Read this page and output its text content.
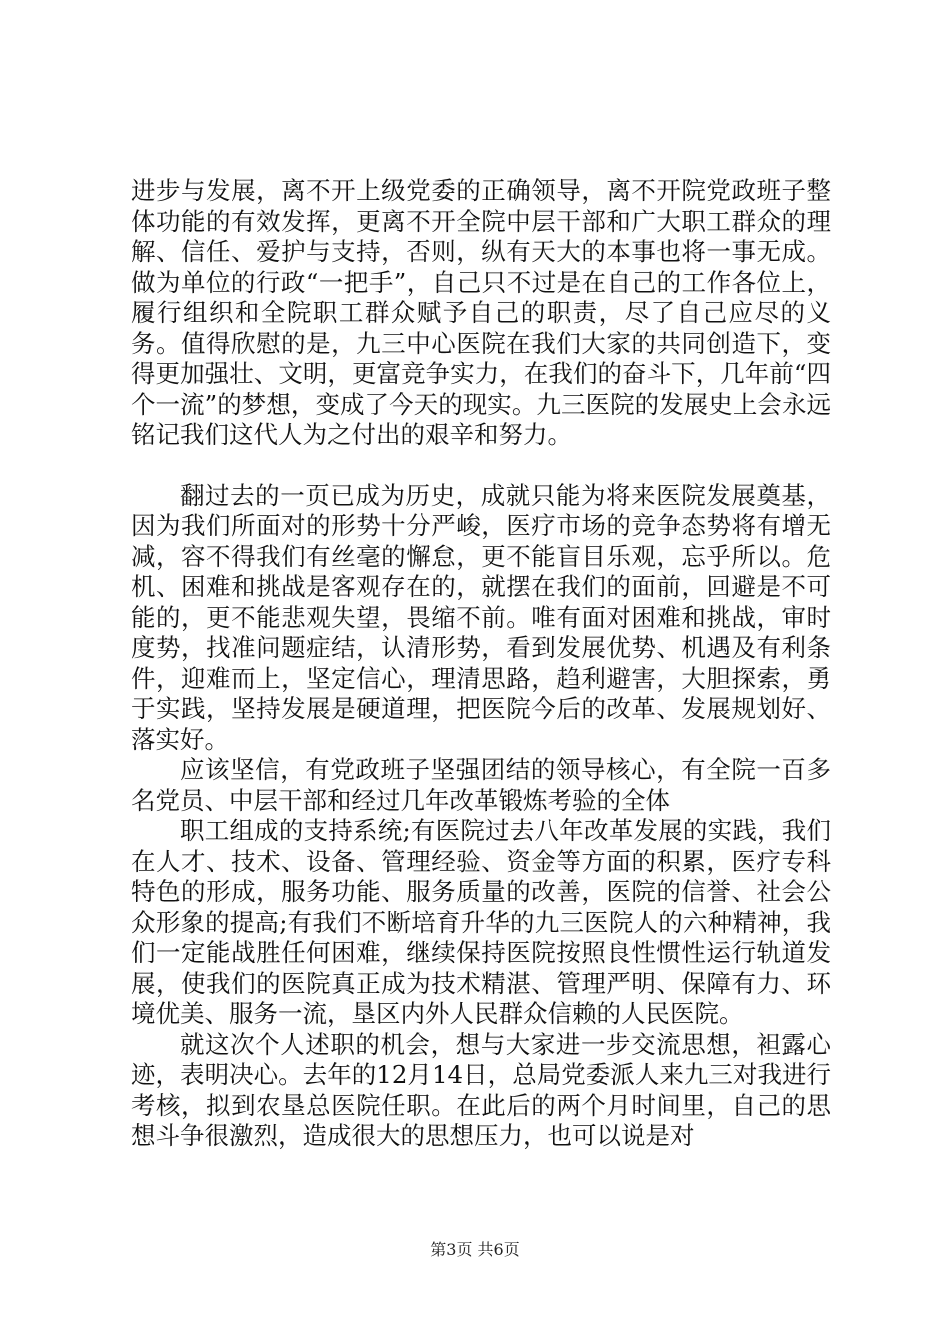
进步与发展，离不开上级党委的正确领导，离不开院党政班子整体功能的有效发挥，更离不开全院中层干部和广大职工群众的理解、信任、爱护与支持，否则，纵有天大的本事也将一事无成。做为单位的行政“一把手”，自己只不过是在自己的工作各位上，履行组织和全院职工群众赋予自己的职责，尽了自己应尽的义务。值得欣慰的是，九三中心医院在我们大家的共同创造下，变得更加强壮、文明，更富竞争实力，在我们的奋斗下，几年前“四个一流”的梦想，变成了今天的现实。九三医院的发展史上会永远铭记我们这代人为之付出的艰辛和努力。

翻过去的一页已成为历史，成就只能为将来医院发展奠基，因为我们所面对的形势十分严峻，医疗市场的竞争态势将有增无减，容不得我们有丝毫的懈怠，更不能盲目乐观，忘乎所以。危机、困难和挑战是客观存在的，就摆在我们的面前，回避是不可能的，更不能悲观失望，畏缩不前。唯有面对困难和挑战，审时度势，找准问题症结，认清形势，看到发展优势、机遇及有利条件，迎难而上，坚定信心，理清思路，趋利避害，大胆探索，勇于实践，坚持发展是硬道理，把医院今后的改革、发展规划好、落实好。

应该坚信，有党政班子坚强团结的领导核心，有全院一百多名党员、中层干部和经过几年改革锻炼考验的全体

职工组成的支持系统;有医院过去八年改革发展的实践，我们在人才、技术、设备、管理经验、资金等方面的积累，医疗专科特色的形成，服务功能、服务质量的改善，医院的信誉、社会公众形象的提高;有我们不断培育升华的九三医院人的六种精神，我们一定能战胜任何困难，继续保持医院按照良性惯性运行轨道发展，使我们的医院真正成为技术精湛、管理严明、保障有力、环境优美、服务一流，垦区内外人民群众信赖的人民医院。

就这次个人述职的机会，想与大家进一步交流思想，袒露心迹，表明决心。去年的12月14日，总局党委派人来九三对我进行考核，拟到农垦总医院任职。在此后的两个月时间里，自己的思想斗争很激烈，造成很大的思想压力，也可以说是对

第3页 共6页
